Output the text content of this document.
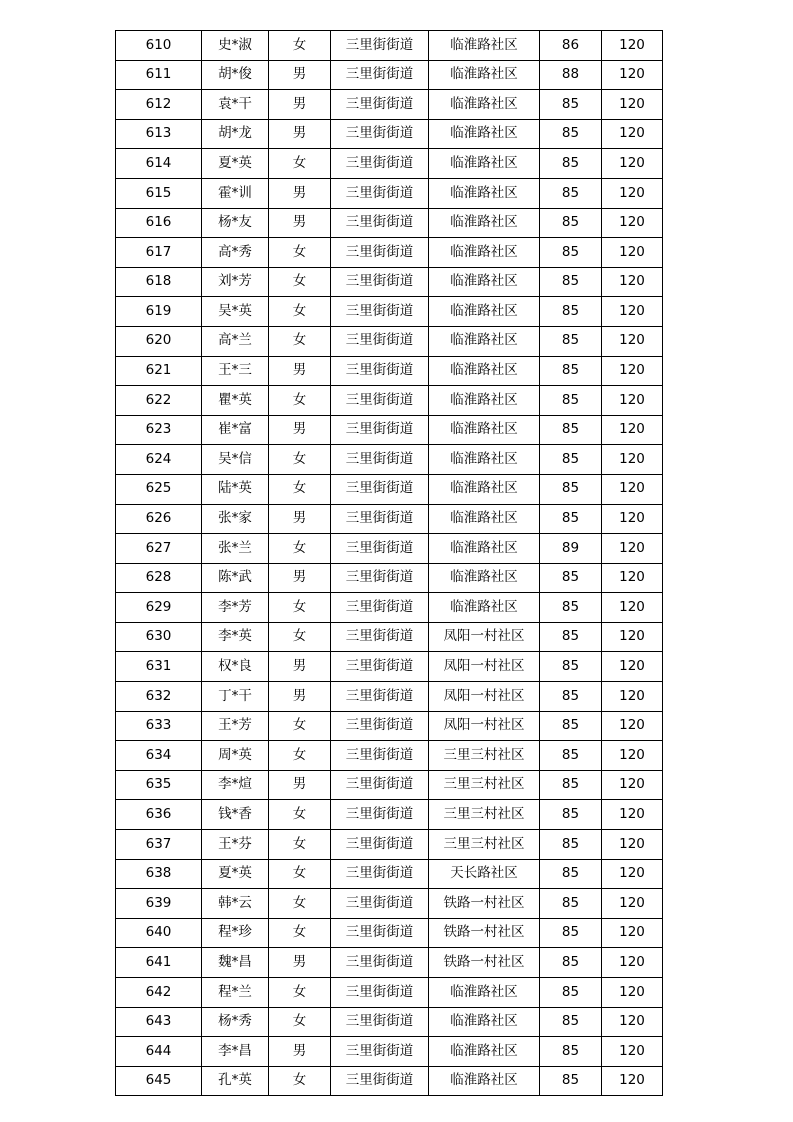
610	史*淑	女	三里街街道	临淮路社区	86	120
611	胡*俊	男	三里街街道	临淮路社区	88	120
612	袁*干	男	三里街街道	临淮路社区	85	120
613	胡*龙	男	三里街街道	临淮路社区	85	120
614	夏*英	女	三里街街道	临淮路社区	85	120
615	霍*训	男	三里街街道	临淮路社区	85	120
616	杨*友	男	三里街街道	临淮路社区	85	120
617	高*秀	女	三里街街道	临淮路社区	85	120
618	刘*芳	女	三里街街道	临淮路社区	85	120
619	吴*英	女	三里街街道	临淮路社区	85	120
620	高*兰	女	三里街街道	临淮路社区	85	120
621	王*三	男	三里街街道	临淮路社区	85	120
622	瞿*英	女	三里街街道	临淮路社区	85	120
623	崔*富	男	三里街街道	临淮路社区	85	120
624	吴*信	女	三里街街道	临淮路社区	85	120
625	陆*英	女	三里街街道	临淮路社区	85	120
626	张*家	男	三里街街道	临淮路社区	85	120
627	张*兰	女	三里街街道	临淮路社区	89	120
628	陈*武	男	三里街街道	临淮路社区	85	120
629	李*芳	女	三里街街道	临淮路社区	85	120
630	李*英	女	三里街街道	凤阳一村社区	85	120
631	权*良	男	三里街街道	凤阳一村社区	85	120
632	丁*干	男	三里街街道	凤阳一村社区	85	120
633	王*芳	女	三里街街道	凤阳一村社区	85	120
634	周*英	女	三里街街道	三里三村社区	85	120
635	李*煊	男	三里街街道	三里三村社区	85	120
636	钱*香	女	三里街街道	三里三村社区	85	120
637	王*芬	女	三里街街道	三里三村社区	85	120
638	夏*英	女	三里街街道	天长路社区	85	120
639	韩*云	女	三里街街道	铁路一村社区	85	120
640	程*珍	女	三里街街道	铁路一村社区	85	120
641	魏*昌	男	三里街街道	铁路一村社区	85	120
642	程*兰	女	三里街街道	临淮路社区	85	120
643	杨*秀	女	三里街街道	临淮路社区	85	120
644	李*昌	男	三里街街道	临淮路社区	85	120
645	孔*英	女	三里街街道	临淮路社区	85	120
